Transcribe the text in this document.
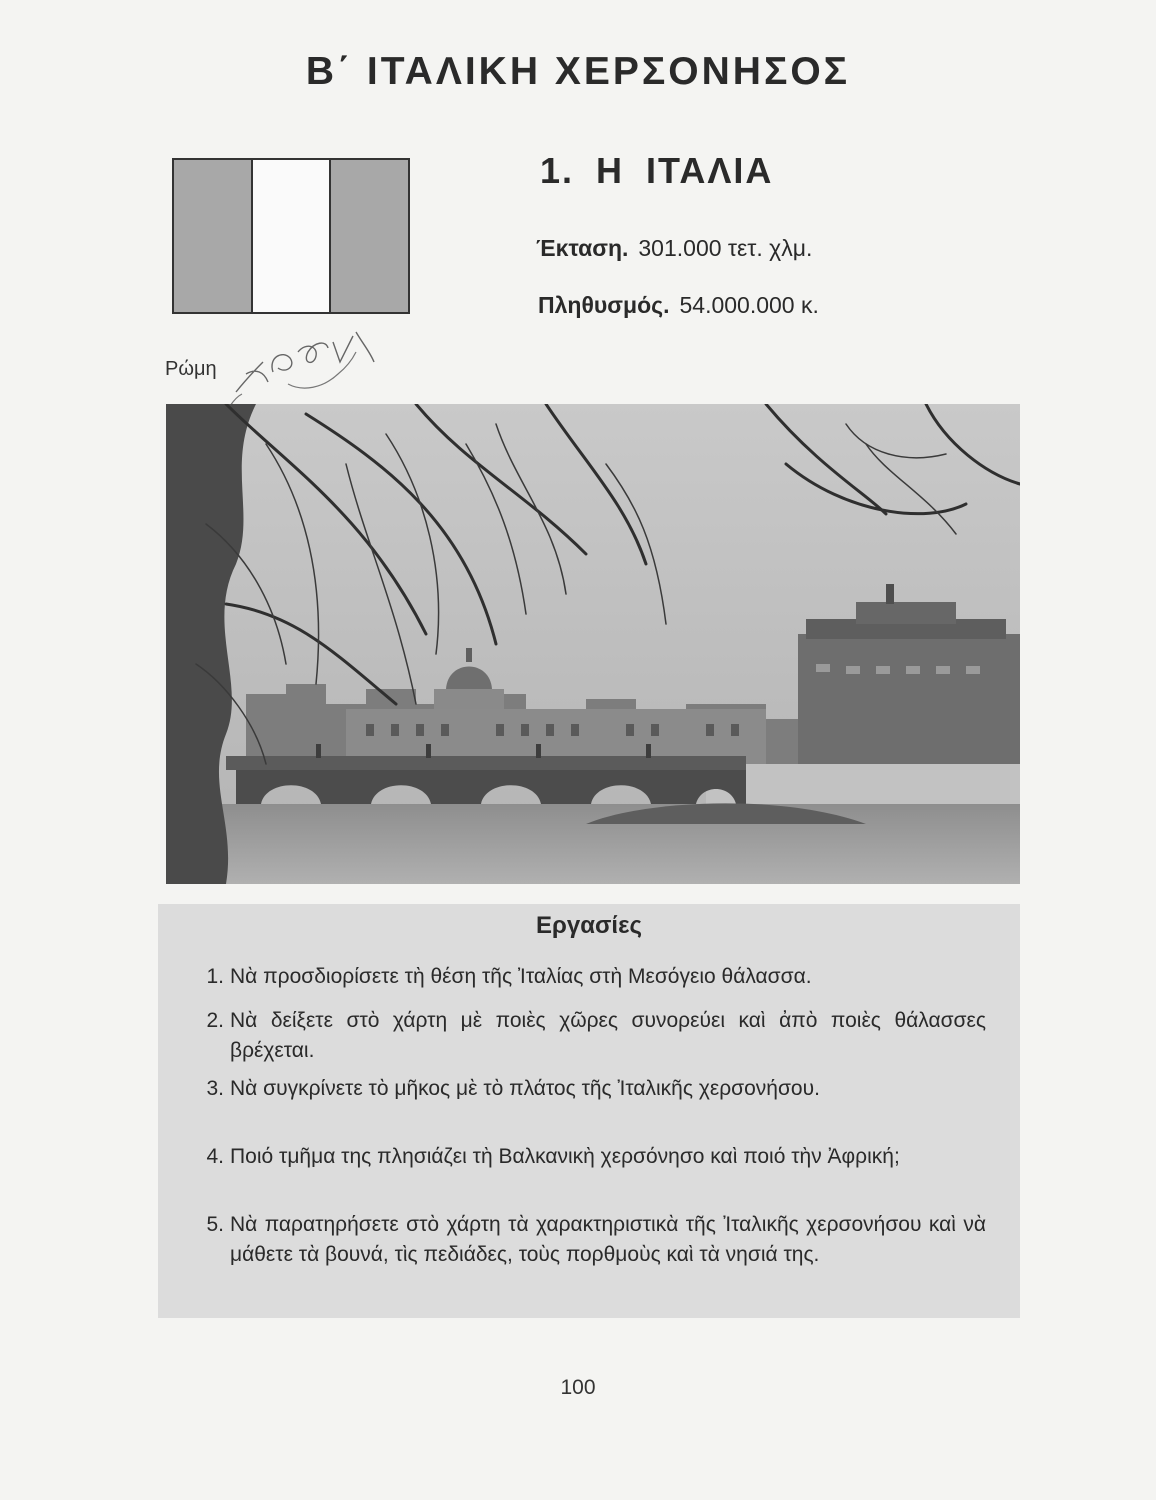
Β΄ ΙΤΑΛΙΚΗ ΧΕΡΣΟΝΗΣΟΣ
Ρώμη
1. Η ΙΤΑΛΙΑ
Έκταση. 301.000 τετ. χλμ.
Πληθυσμός. 54.000.000 κ.
Εργασίες
1. Νὰ προσδιορίσετε τὴ θέση τῆς Ἰταλίας στὴ Μεσόγειο θάλασσα.
2. Νὰ δείξετε στὸ χάρτη μὲ ποιὲς χῶρες συνορεύει καὶ ἀπὸ ποιὲς θάλασσες βρέχεται.
3. Νὰ συγκρίνετε τὸ μῆκος μὲ τὸ πλάτος τῆς Ἰταλικῆς χερσονήσου.
4. Ποιό τμῆμα της πλησιάζει τὴ Βαλκανικὴ χερσόνησο καὶ ποιό τὴν Ἀφρική;
5. Νὰ παρατηρήσετε στὸ χάρτη τὰ χαρακτηριστικὰ τῆς Ἰταλικῆς χερσονήσου καὶ νὰ μάθετε τὰ βουνά, τὶς πεδιάδες, τοὺς πορθμοὺς καὶ τὰ νησιά της.
100
